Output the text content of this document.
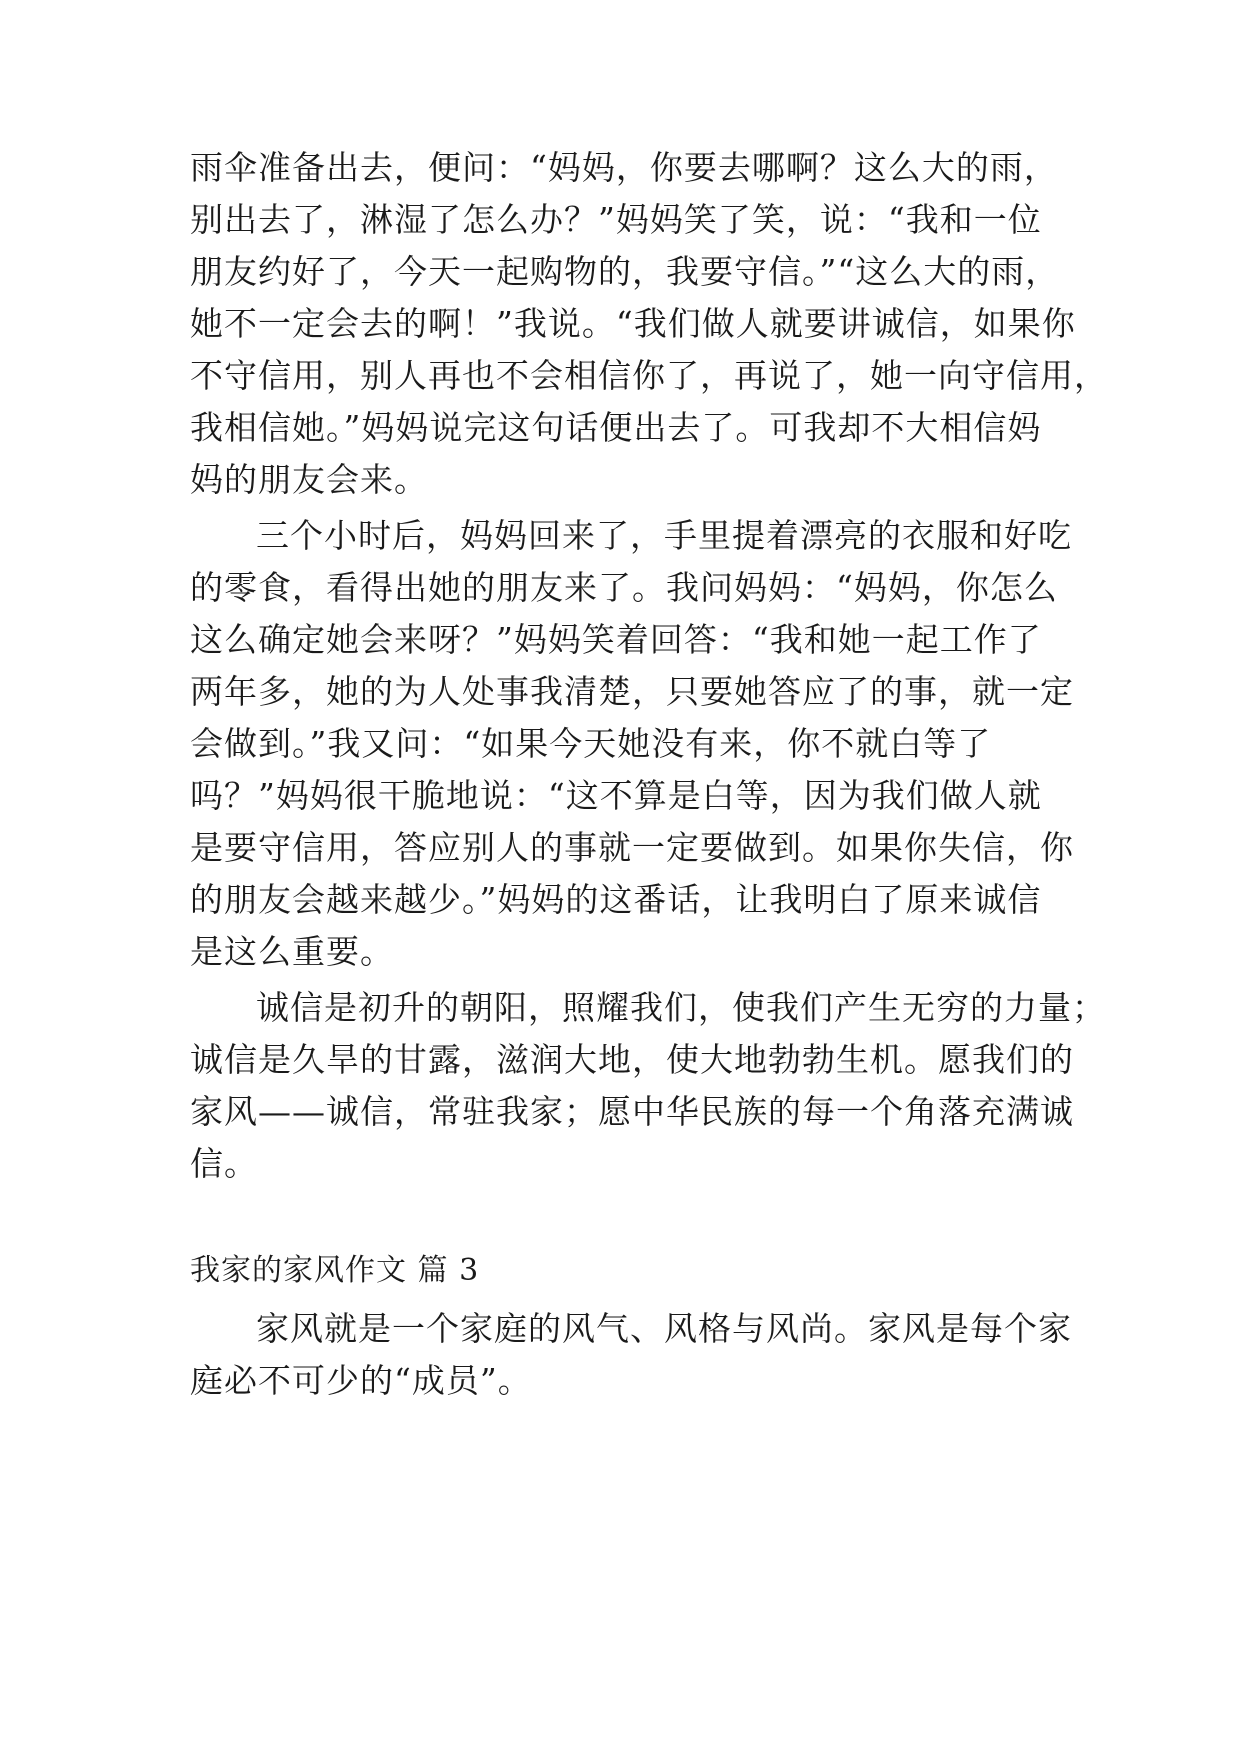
雨伞准备出去，便问：“妈妈，你要去哪啊？这么大的雨，
别出去了，淋湿了怎么办？”妈妈笑了笑，说：“我和一位
朋友约好了，今天一起购物的，我要守信。”“这么大的雨，
她不一定会去的啊！”我说。“我们做人就要讲诚信，如果你
不守信用，别人再也不会相信你了，再说了，她一向守信用，
我相信她。”妈妈说完这句话便出去了。可我却不大相信妈
妈的朋友会来。
三个小时后，妈妈回来了，手里提着漂亮的衣服和好吃
的零食，看得出她的朋友来了。我问妈妈：“妈妈，你怎么
这么确定她会来呀？”妈妈笑着回答：“我和她一起工作了
两年多，她的为人处事我清楚，只要她答应了的事，就一定
会做到。”我又问：“如果今天她没有来，你不就白等了
吗？”妈妈很干脆地说：“这不算是白等，因为我们做人就
是要守信用，答应别人的事就一定要做到。如果你失信，你
的朋友会越来越少。”妈妈的这番话，让我明白了原来诚信
是这么重要。
诚信是初升的朝阳，照耀我们，使我们产生无穷的力量；
诚信是久旱的甘露，滋润大地，使大地勃勃生机。愿我们的
家风——诚信，常驻我家；愿中华民族的每一个角落充满诚
信。
我家的家风作文 篇 3
家风就是一个家庭的风气、风格与风尚。家风是每个家
庭必不可少的“成员”。
